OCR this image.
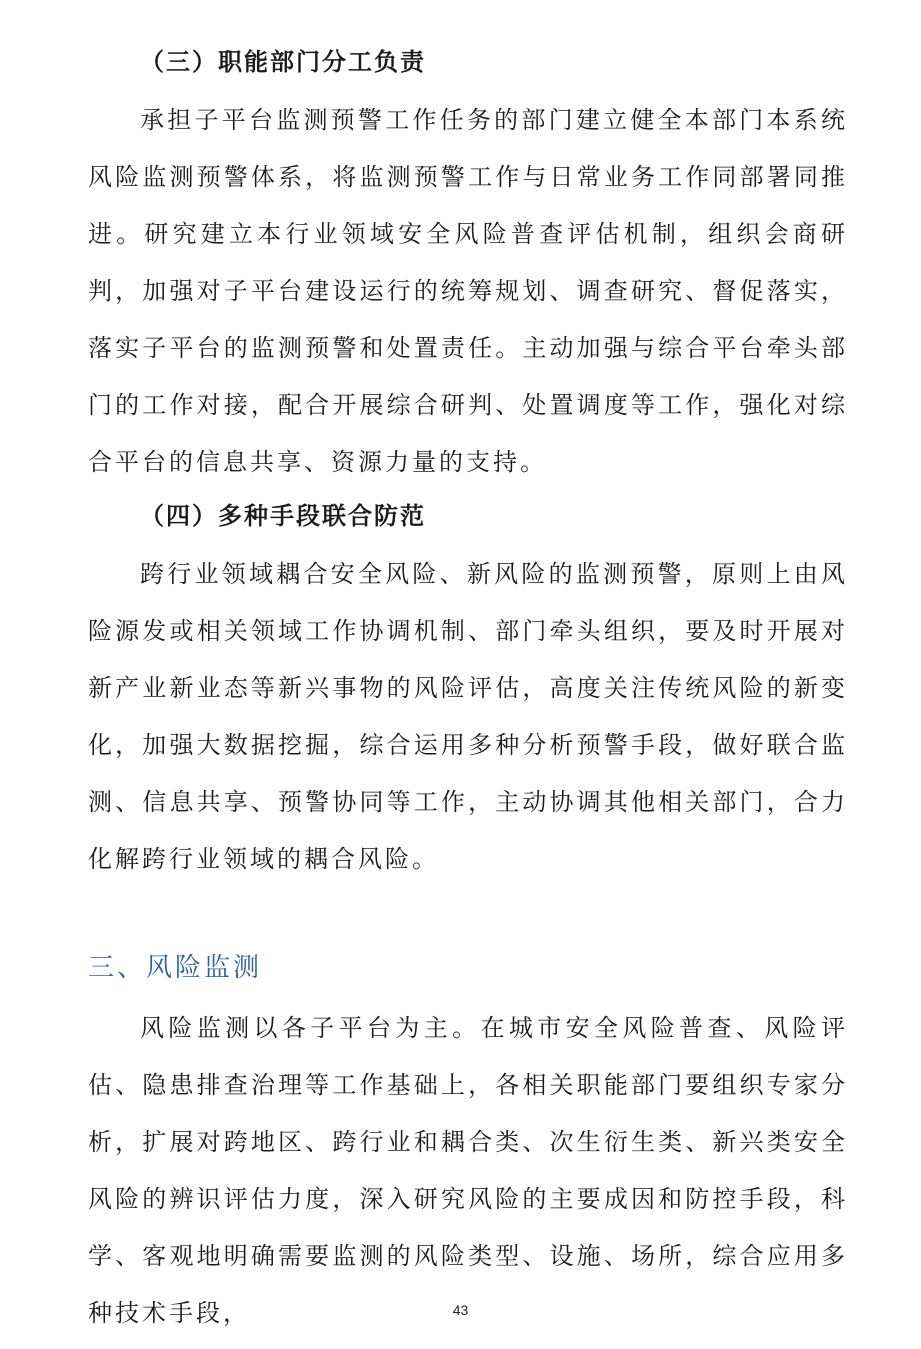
（三）职能部门分工负责

承担子平台监测预警工作任务的部门建立健全本部门本系统风险监测预警体系，将监测预警工作与日常业务工作同部署同推进。研究建立本行业领域安全风险普查评估机制，组织会商研判，加强对子平台建设运行的统筹规划、调查研究、督促落实，落实子平台的监测预警和处置责任。主动加强与综合平台牵头部门的工作对接，配合开展综合研判、处置调度等工作，强化对综合平台的信息共享、资源力量的支持。

（四）多种手段联合防范

跨行业领域耦合安全风险、新风险的监测预警，原则上由风险源发或相关领域工作协调机制、部门牵头组织，要及时开展对新产业新业态等新兴事物的风险评估，高度关注传统风险的新变化，加强大数据挖掘，综合运用多种分析预警手段，做好联合监测、信息共享、预警协同等工作，主动协调其他相关部门，合力化解跨行业领域的耦合风险。

三、风险监测

风险监测以各子平台为主。在城市安全风险普查、风险评估、隐患排查治理等工作基础上，各相关职能部门要组织专家分析，扩展对跨地区、跨行业和耦合类、次生衍生类、新兴类安全风险的辨识评估力度，深入研究风险的主要成因和防控手段，科学、客观地明确需要监测的风险类型、设施、场所，综合应用多种技术手段，	43
